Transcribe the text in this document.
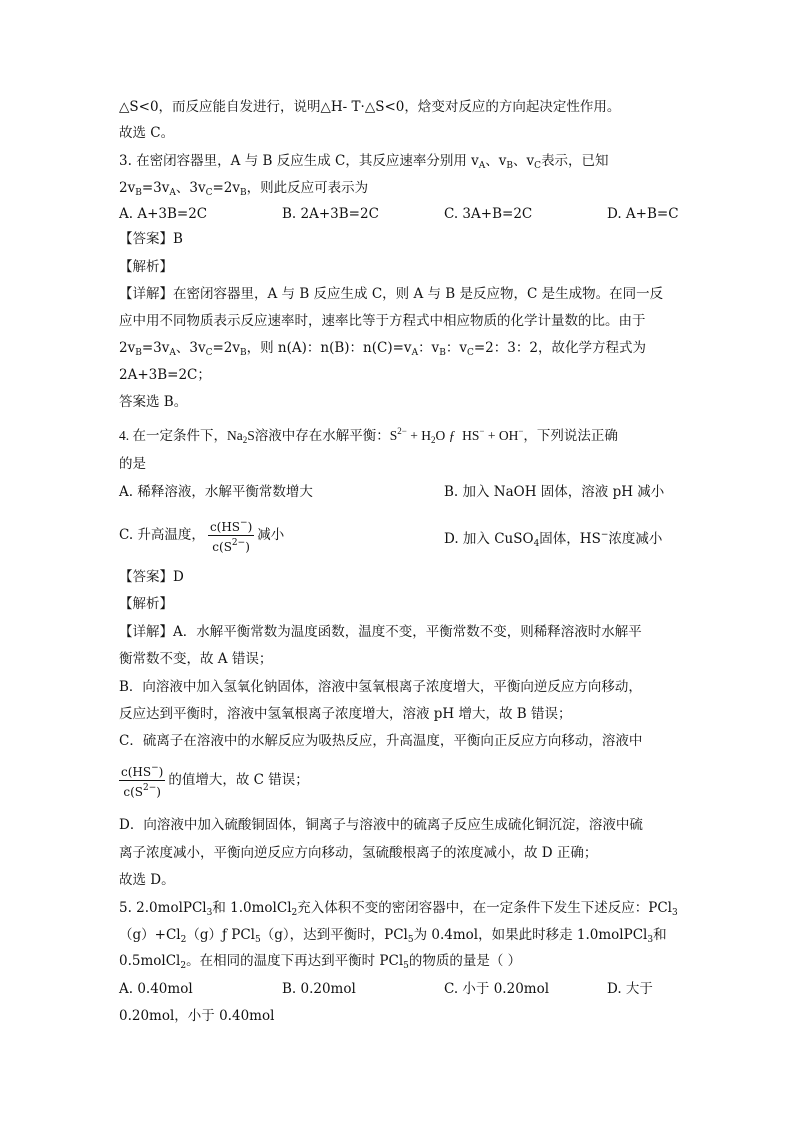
△S<0，而反应能自发进行，说明△H- T·△S<0，焓变对反应的方向起决定性作用。
故选 C。
3. 在密闭容器里，A 与 B 反应生成 C，其反应速率分别用 $v_A$、$v_B$、$v_C$表示，已知
$2v_B=3v_A$、$3v_C=2v_B$，则此反应可表示为
A. A+3B=2C	B. 2A+3B=2C	C. 3A+B=2C	D. A+B=C
【答案】B
【解析】
【详解】在密闭容器里，A 与 B 反应生成 C，则 A 与 B 是反应物，C 是生成物。在同一反
应中用不同物质表示反应速率时，速率比等于方程式中相应物质的化学计量数的比。由于
$2v_B=3v_A$、$3v_C=2v_B$，则 n(A)：n(B)：$n(C)=v_A$：$v_B$：$v_C=2$：3：2，故化学方程式为
2A+3B=2C；
答案选 B。
4. 在一定条件下，$Na_2S$溶液中存在水解平衡：$S^{2-} + H_2O$ ƒ  HS− + OH−，下列说法正确
的是
A. 稀释溶液，水解平衡常数增大	B. 加入 NaOH 固体，溶液 pH 减小
C. 升高温度， $\frac{c(HS^-)}{c(S^{2-})}$ 减小	D. 加入 CuSO$_4$固体，HS−浓度减小
【答案】D
【解析】
【详解】A．水解平衡常数为温度函数，温度不变，平衡常数不变，则稀释溶液时水解平
衡常数不变，故 A 错误；
B．向溶液中加入氢氧化钠固体，溶液中氢氧根离子浓度增大，平衡向逆反应方向移动，
反应达到平衡时，溶液中氢氧根离子浓度增大，溶液 pH 增大，故 B 错误；
C．硫离子在溶液中的水解反应为吸热反应，升高温度，平衡向正反应方向移动，溶液中
$\frac{c(HS^-)}{c(S^{2-})}$ 的值增大，故 C 错误；
D．向溶液中加入硫酸铜固体，铜离子与溶液中的硫离子反应生成硫化铜沉淀，溶液中硫
离子浓度减小，平衡向逆反应方向移动，氢硫酸根离子的浓度减小，故 D 正确；
故选 D。
5. 2.0molPCl$_3$和 1.0molCl$_2$充入体积不变的密闭容器中，在一定条件下发生下述反应：PCl$_3$
$(g)+Cl_2(g)ƒ$ PCl$_5$（g），达到平衡时，PCl$_5$为 0.4mol，如果此时移走 1.0molPCl$_3$和
0.5molCl$_2$。在相同的温度下再达到平衡时 PCl$_5$的物质的量是（ ）
A. 0.40mol	B. 0.20mol	C. 小于 0.20mol	D. 大于
0.20mol，小于 0.40mol
